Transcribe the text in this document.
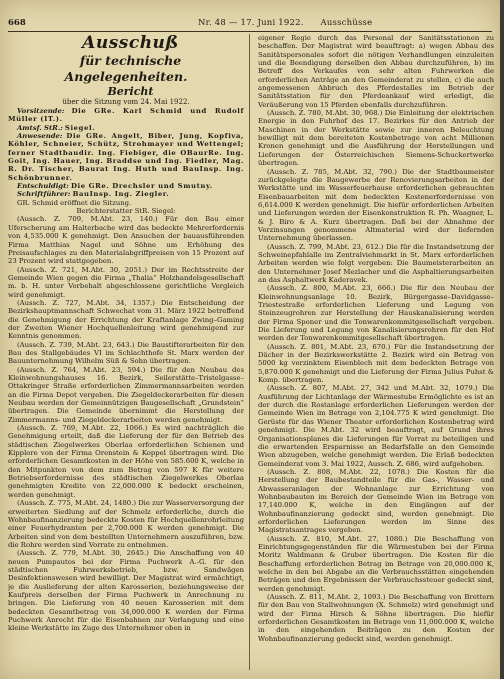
668	Nr. 48 — 17. Juni 1922. Ausschüsse

Ausschuß

für technische Angelegenheiten.

Bericht

über die Sitzung vom 24. Mai 1922.

Vorsitzende: Die GRe. Karl Schmid und Rudolf Müller (IT.).

Amtsf. StR.: Siegel.

Anwesende: Die GRe. Angelt, Biber, Jung, Kopfiva, Köhler, Schneier, Schütz, Strohmayer und Wettengel; ferner Stadtbaudir. Ing. Fiebiger, die OBaurRe. Ing. Goit, Ing. Hauer, Ing. Braddse und Ing. Fiedler, Mag. R. Dr. Tischer, Baurat Ing. Huth und BauInsp. Ing. Schönbrunner.

Entschuldigt: Die GRe. Drechsler und Smutny.

Schriftführer: BauInsp. Ing. Ziegler.

GR. Schmid eröffnet die Sitzung.

Berichterstatter StR. Siegel:

(Aussch. Z. 709, M.Abt. 23, 140.) Für den Bau einer Uferscherung am Halterbache wird das bedeckte Mehrerfordernis von 4,535.000 K genehmigt. Den Ansuchen der bauausführenden Firma Matthias Nagel und Söhne um Erhöhung des Preisaufschlages zu den Materialabgriffpreisen von 15 Prozent auf 23 Prozent wird stattgegeben.

(Aussch. Z. 721, M.Abt. 30, 2051.) Der im Rechtsstreite der Gemeinde Wien gegen die Firma „Thalia“ Holzhandelsgesellschaft m. b. H. unter Vorbehalt abgeschlossene gerichtliche Vergleich wird genehmigt.

(Aussch. Z. 727, M.Abt. 34, 1357.) Die Entscheidung der Bezirkshauptmannschaft Schwechat vom 31. März 1922 betreffend die Genehmigung der Errichtung der Kraftanlage Zwing–Gaming der Zweiten Wiener Hochquellenleitung wird genehmigend zur Kenntnis genommen.

(Aussch. Z. 739, M.Abt. 23, 643.) Die Baustifterarbeiten für den Bau des Stallgebäudes VI im Schlachthofe St. Marx werden der Bauunternehmung Wilhelm Süß & Sohn übertragen.

(Aussch. Z. 764, M.Abt. 23, 594.) Die für den Neubau des Kleinwohnungshauses 16. Bezirk, Seilerstätte–Tristelgasse–Ottakringer Straße erforderlichen Zimmermannsarbeiten werden an die Firma Depot vergeben. Die Ziegeldeckerarbeiten für diesen Neubau werden der Gemeinnützigen Baugesellschaft „Grundstein“ übertragen. Die Gemeinde übernimmt die Herstellung der Zimmermanns- und Ziegeldeckerarbeiten werden genehmigt.

(Aussch. Z. 769, M.Abt. 22, 1066.) Es wird nachträglich die Genehmigung erteilt, daß die Lieferung der für den Betrieb des städtischen Ziegelwerkes Oberlaa erforderlichen Schienen und Kipplore von der Firma Orenstein & Koppel übertragen wird. Die erforderlichen Gesamtkosten in der Höhe von 585.600 K, welche in den Mitpunkten von dem zum Betrag von 597 K für weitere Betriebserfordernisse des städtischen Ziegelwerkes Oberlaa genehmigten Kredite von 22,000.000 K bedeckt erscheinen, werden genehmigt.

(Aussch. Z. 775, M.Abt. 24, 1480.) Die zur Wasserversorgung der erweiterten Siedlung auf der Schmelz erforderliche, durch die Wohnbaufinanzierung bedeckte Kosten für Hochquellenrohrleitung einer Feuerhydranten per 2,700.000 K werden genehmigt. Die Arbeiten sind von dem bestellten Unternehmern auszuführen, bzw. die Rohre werden sind Vorrate zu entnehmen.

(Aussch. Z. 779, M.Abt. 30, 2645.) Die Anschaffung von 40 neuen Pumpautos bei der Firma Puchwerk A.-G. für den städtischen Fuhrwerksbetrieb, bzw. Sandwägen Desinfektionswesen wird bewilligt. Der Magistrat wird ermächtigt, je die Auslieferung der alten Karosserien, beziehungsweise der Kaufpreis derselben der Firma Puchwerk in Anrechnung zu bringen. Die Lieferung von 40 neuen Karosserien mit dem bedeckten Gesamtbetrag von 34,000.000 K werden der Firma Puchwerk Anrecht für die Eisenbahnen zur Verlangung und eine kleine Werkstätte im Zuge des Unternehmer oben in

eigener Regie durch das Personal der Sanitätsstationen zu beschaffen. Der Magistrat wird beauftragt: a) wegen Abbau des Sanitätspersonales sofort die nötigen Verhandlungen einzuleiten und die Beendigung derselben den Abbau durchzuführen, b) im Betreff des Verkaufes von sehr alten Fuhrwerken die erforderlichen Anträge an den Gemeinderat zu stellen, c) die auch angemessenen Abbruch des Pferdestalles im Betrieb der Sanitätsstation für den Pferdeankauf wird erledigt, die Veräußerung von 15 Pferden ebenfalls durchzuführen.

(Aussch. Z. 780, M.Abt. 30, 968.) Die Einleitung der elektrischen Energie in den Fuhrhof des 17. Bezirkes für den Antrieb der Maschinen in der Werkstätte sowie zur inneren Beleuchtung bewilligt mit dem bereiteten Kostenbetrage von acht Millionen Kronen genehmigt und die Ausführung der Herstellungen und Lieferungen der Österreichischen Siemens-Schuckertwerke übertragen.

(Aussch. Z. 785, M.Abt. 32, 790.) Die der Stadtbaumeister zurückgelegte die Baugewerbe der Renovierungsarbeiten in der Werkstätte und im Wasserfeuerhause erforderlichen gebrauchten Eisenbauarbeiten mit dem bedeckten Kostenerfordernisse von 6,614.000 K werden genehmigt. Die hiefür erforderlichen Arbeiten und Lieferungen werden der Eisenkonstruktion R. Ph. Waagner, L. & J. Biro & A. Kurz übertragen. Daß bei der Abnahme der Verzinsungen genommene Altmaterial wird der liefernden Unternehmung überlassen.

(Aussch. Z. 799, M.Abt. 23, 612.) Die für die Instandsetzung der Schweinepfahlalle im Zentralviehmarkt in St. Marx erforderlichen Arbeiten werden wie folgt vergeben: Die Baumeisterarbeiten an den Unternehmer Josef Mezlacher und die Asphaltierungsarbeiten an das Asphaltwerk Kaderavek.

(Aussch. Z. 800, M.Abt. 23, 666.) Die für den Neubau der Kleinwohnungsanlage 10. Bezirk, Bürgergasse–Davidgasse–Triestestraße erforderlichen Lieferung und Legung von Steinzeugrohren zur Herstellung der Hauskanalisierung werden der Firma Sponer und die Tonwarenkommitgesellschaft vergeben. Die Lieferung und Legung von Kanalisierungsrohren für den Hof werden der Tonwarenkommitgesellschaft übertragen.

(Aussch. Z. 801, M.Abt. 23, 670.) Für die Instandsetzung der Dächer in der Bezirkswerkstätte 2. Bezirk wird ein Betrag von 5000 kg verzinktem Eisenblech mit dem bedeckten Betrage von 5,870.000 K genehmigt und die Lieferung der Firma Julius Puhst & Komp. übertragen.

(Aussch. Z. 807, M.Abt. 27, 342 und M.Abt. 32, 1079.) Die Ausführung der Lichtanlage der Wärmestube Ermöglichte es ist an der durch die Rostanlage erforderlichen Lieferungen werden der Gemeinde Wien im Betrage von 2,104.775 K wird genehmigt. Die Gerüste für das Wiener Theater erforderlichen Kostenbetrag wird genehmigt. Die M.Abt. 32 wird beauftragt, auf Grund ihres Organisationsplanes die Lieferungen für Vorrat zu beteiligen und die erwartenden Ersparnisse an Bedarfsfalle an den Gemeinde Wien abzugeben, welche genehmigt werden. Die Erlaß bedeckten Gemeinderat vom 3. Mai 1922, Aussch. Z. 686, wird aufgehoben.

(Aussch. Z. 808, M.Abt. 22, 1078.) Die Kosten für die Herstellung der Baubestandteile für die Gas-, Wasser- und Abwasseranlagen der Wohnanlage zur Errichtung von Wohnbaubauten im Bereich der Gemeinde Wien im Betrage von 17,140.000 K, welche in den Eingängen auf der Wohnbaufinanzierung gedeckt sind, werden genehmigt. Die erforderlichen Lieferungen werden im Sinne des Magistratsantrages vergeben.

(Aussch. Z. 810, M.Abt. 27, 1080.) Die Beschaffung von Einrichtungsgegenständen für die Wärmestuben bei der Firma Moritz Waldmann & Gruber übertragen. Die Kosten für die Beschaffung erforderlichen Betrag im Betrage von 20,000.000 K, welche in den bei Abgabe an die Verbrauchsstätten eingehenden Beträgen und den Ergebnissen der Verbrauchssteuer gedeckt sind, werden genehmigt.

(Aussch. Z. 811, M.Abt. 2, 1093.) Die Beschaffung von Brettern für den Bau von Stallwohnungen (X. Schmelz) wird genehmigt und wird der Firma Hirsch & Söhne übertragen. Die hiefür erforderlichen Gesamtkosten im Betrage von 11,000.000 K, welche in den eingehenden Beiträgen zu den Kosten der Wohnbaufinanzierung gedeckt sind, werden genehmigt.
